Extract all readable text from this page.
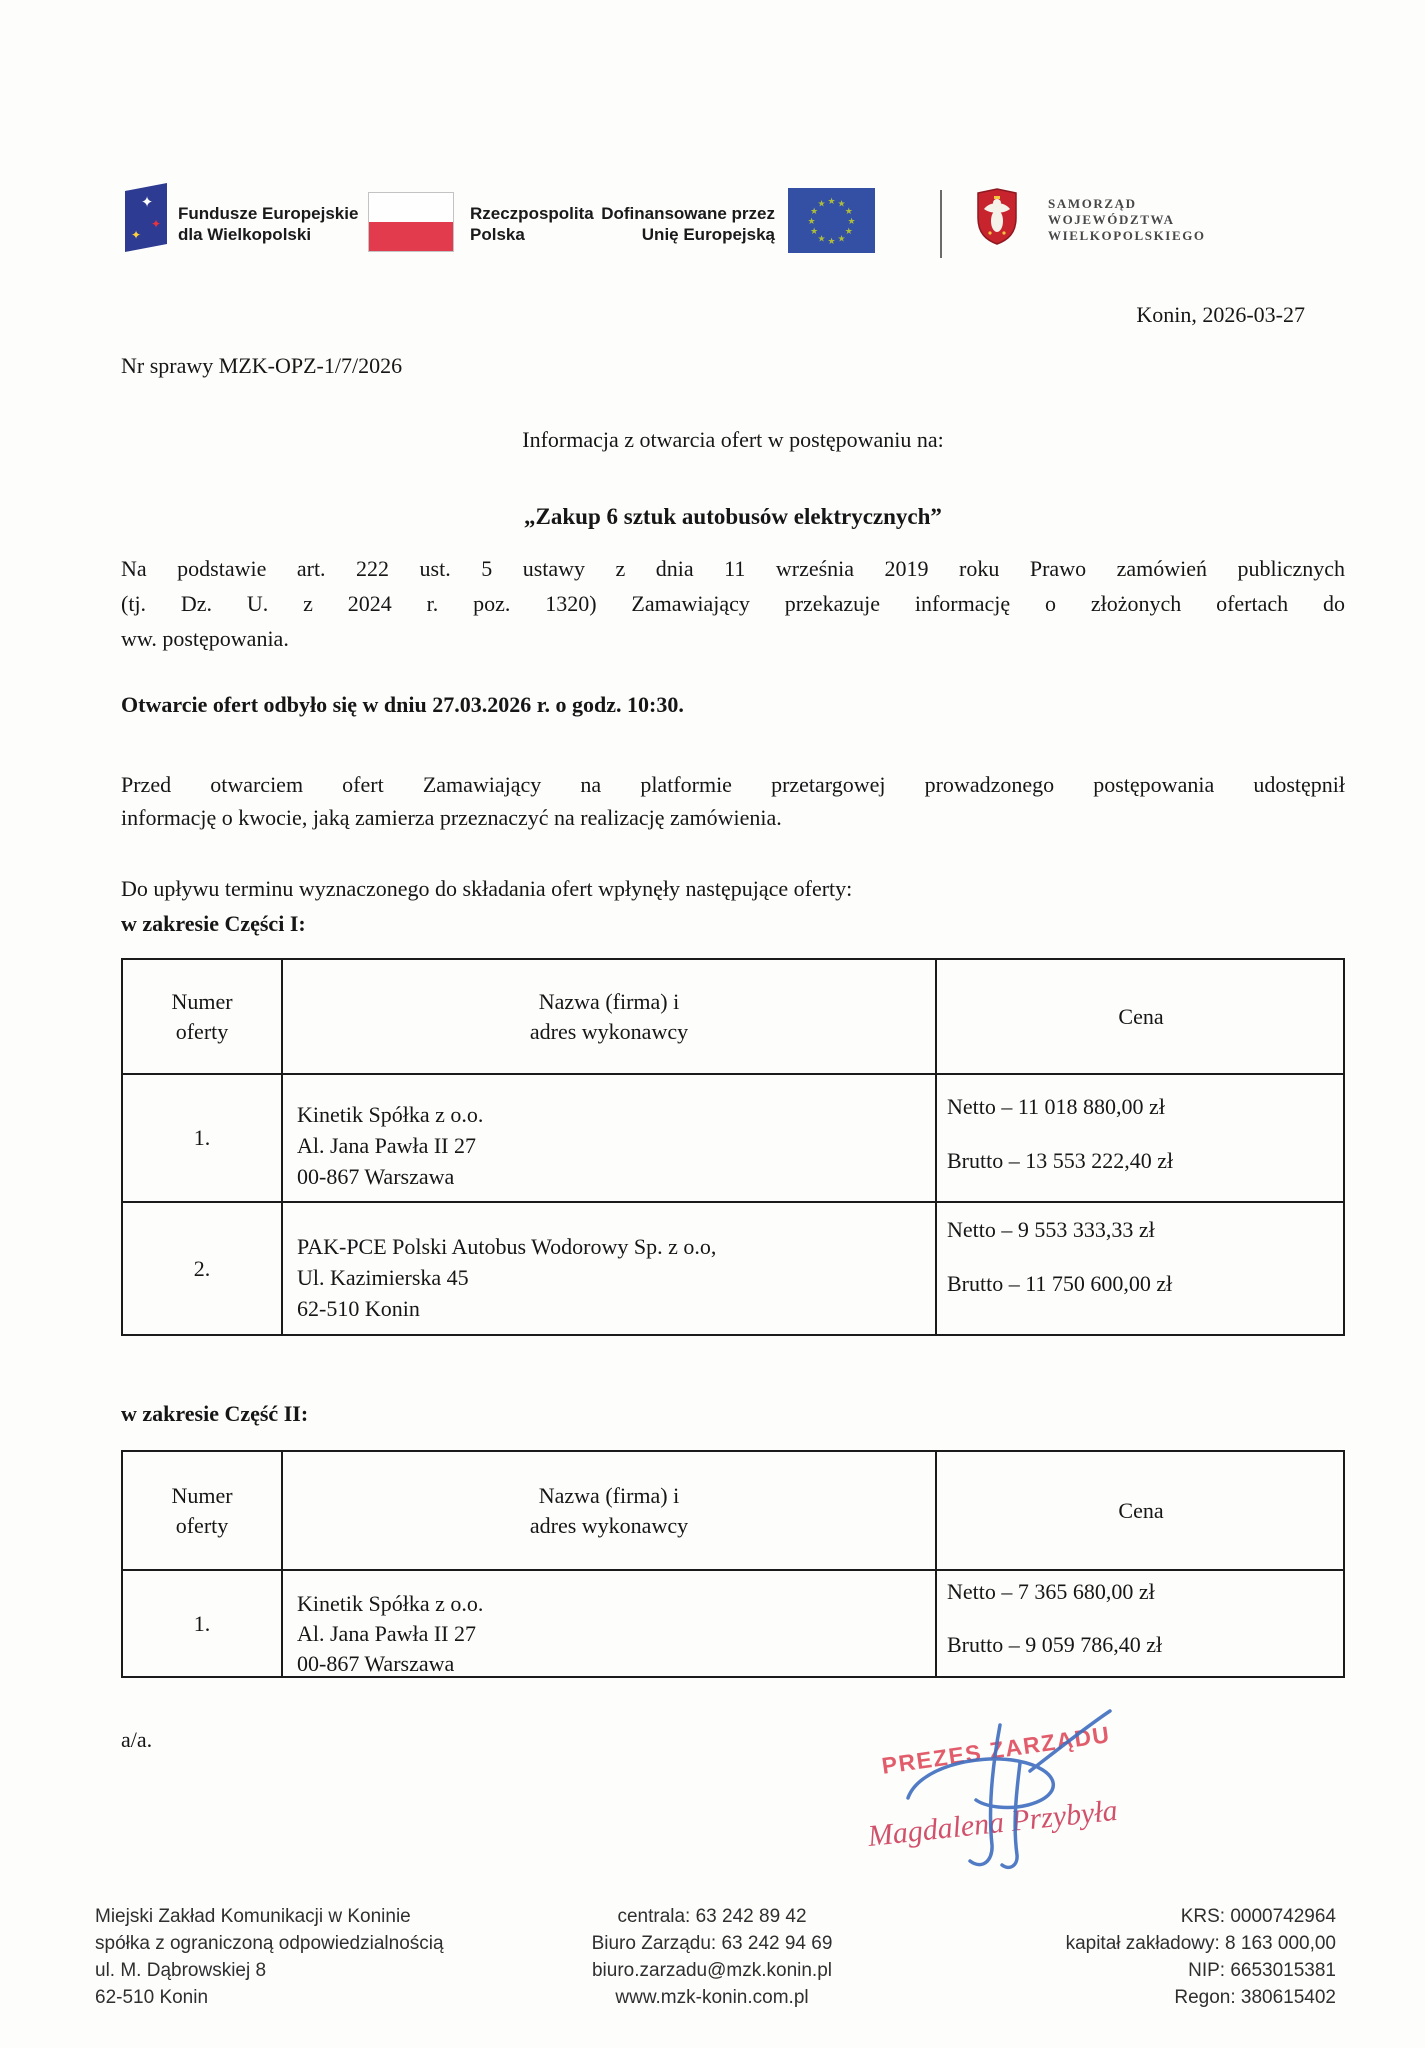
✦
✦
✦
Fundusze Europejskie
dla Wielkopolski
Rzeczpospolita
Polska
Dofinansowane przez
Unię Europejską
★
★
★
★
★
★
★
★
★ ★ ★
★
SAMORZĄD
WOJEWÓDZTWA
WIELKOPOLSKIEGO
Konin, 2026-03-27
Nr sprawy MZK-OPZ-1/7/2026
Informacja z otwarcia ofert w postępowaniu na:
„Zakup 6 sztuk autobusów elektrycznych”
Na podstawie art. 222 ust. 5 ustawy z dnia 11 września 2019 roku Prawo zamówień publicznych
(tj. Dz. U. z 2024 r. poz. 1320) Zamawiający przekazuje informację o złożonych ofertach do
ww. postępowania.
Otwarcie ofert odbyło się w dniu 27.03.2026 r. o godz. 10:30.
Przed otwarciem ofert Zamawiający na platformie przetargowej prowadzonego postępowania udostępnił
informację o kwocie, jaką zamierza przeznaczyć na realizację zamówienia.
Do upływu terminu wyznaczonego do składania ofert wpłynęły następujące oferty:
w zakresie Części I:
Numer
oferty
Nazwa (firma) i
adres wykonawcy
Cena
1.
Kinetik Spółka z o.o.
Al. Jana Pawła II 27
00-867 Warszawa
Netto – 11 018 880,00 zł
Brutto – 13 553 222,40 zł
2.
PAK-PCE Polski Autobus Wodorowy Sp. z o.o,
Ul. Kazimierska 45
62-510 Konin
Netto – 9 553 333,33 zł
Brutto – 11 750 600,00 zł
w zakresie Część II:
Numer
oferty
Nazwa (firma) i
adres wykonawcy
Cena
1.
Kinetik Spółka z o.o.
Al. Jana Pawła II 27
00-867 Warszawa
Netto – 7 365 680,00 zł
Brutto – 9 059 786,40 zł
a/a.	PREZES ZARZĄDU
Magdalena Przybyła
Miejski Zakład Komunikacji w Koninie
spółka z ograniczoną odpowiedzialnością
ul. M. Dąbrowskiej 8
62-510 Konin
centrala: 63 242 89 42
Biuro Zarządu: 63 242 94 69
biuro.zarzadu@mzk.konin.pl
www.mzk-konin.com.pl
KRS: 0000742964
kapitał zakładowy: 8 163 000,00
NIP: 6653015381
Regon: 380615402
